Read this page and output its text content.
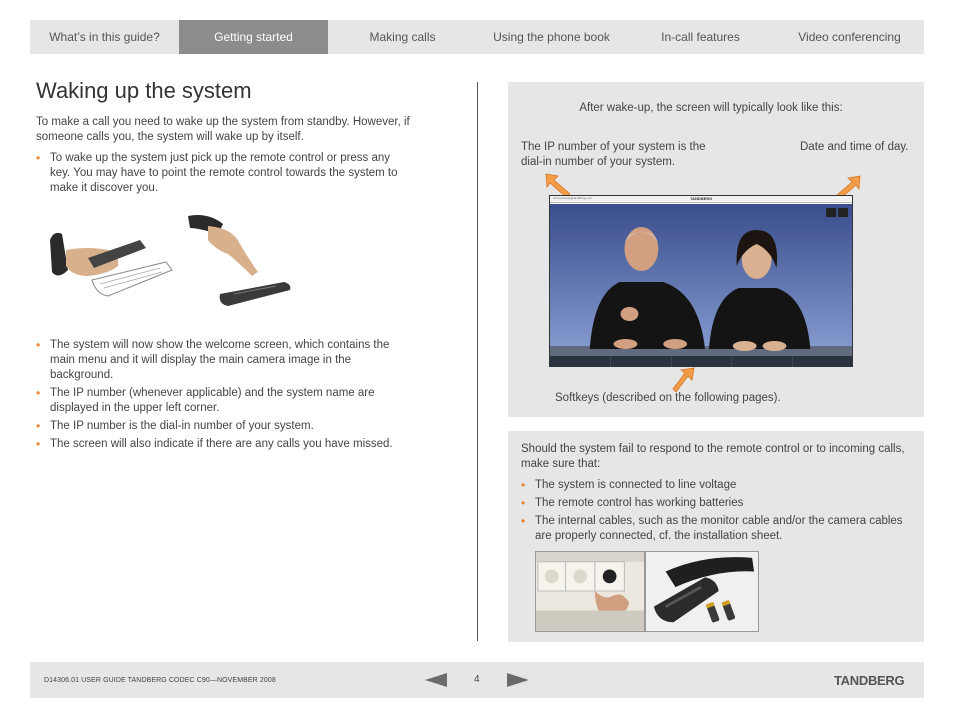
What’s in this guide?	Getting started	Making calls	Using the phone book	In-call features	Video conferencing
Waking up the system

To make a call you need to wake up the system from standby. However, if someone calls you, the system will wake up by itself.

• To wake up the system just pick up the remote control or press any key. You may have to point the remote control towards the system to make it discover you.
• The system will now show the welcome screen, which contains the main menu and it will display the main camera image in the background.
• The IP number (whenever applicable) and the system name are displayed in the upper left corner.
• The IP number is the dial-in number of your system.
• The screen will also indicate if there are any calls you have missed.
After wake-up, the screen will typically look like this:
The IP number of your system is the dial-in number of your system.
Date and time of day.
ocxt.example@tandberg.com	TANDBERG
Softkeys (described on the following pages).
Should the system fail to respond to the remote control or to incoming calls, make sure that:
• The system is connected to line voltage
• The remote control has working batteries
• The internal cables, such as the monitor cable and/or the camera cables are properly connected, cf. the installation sheet.
D14306.01 USER GUIDE TANDBERG CODEC C90—NOVEMBER 2008	4	TANDBERG
